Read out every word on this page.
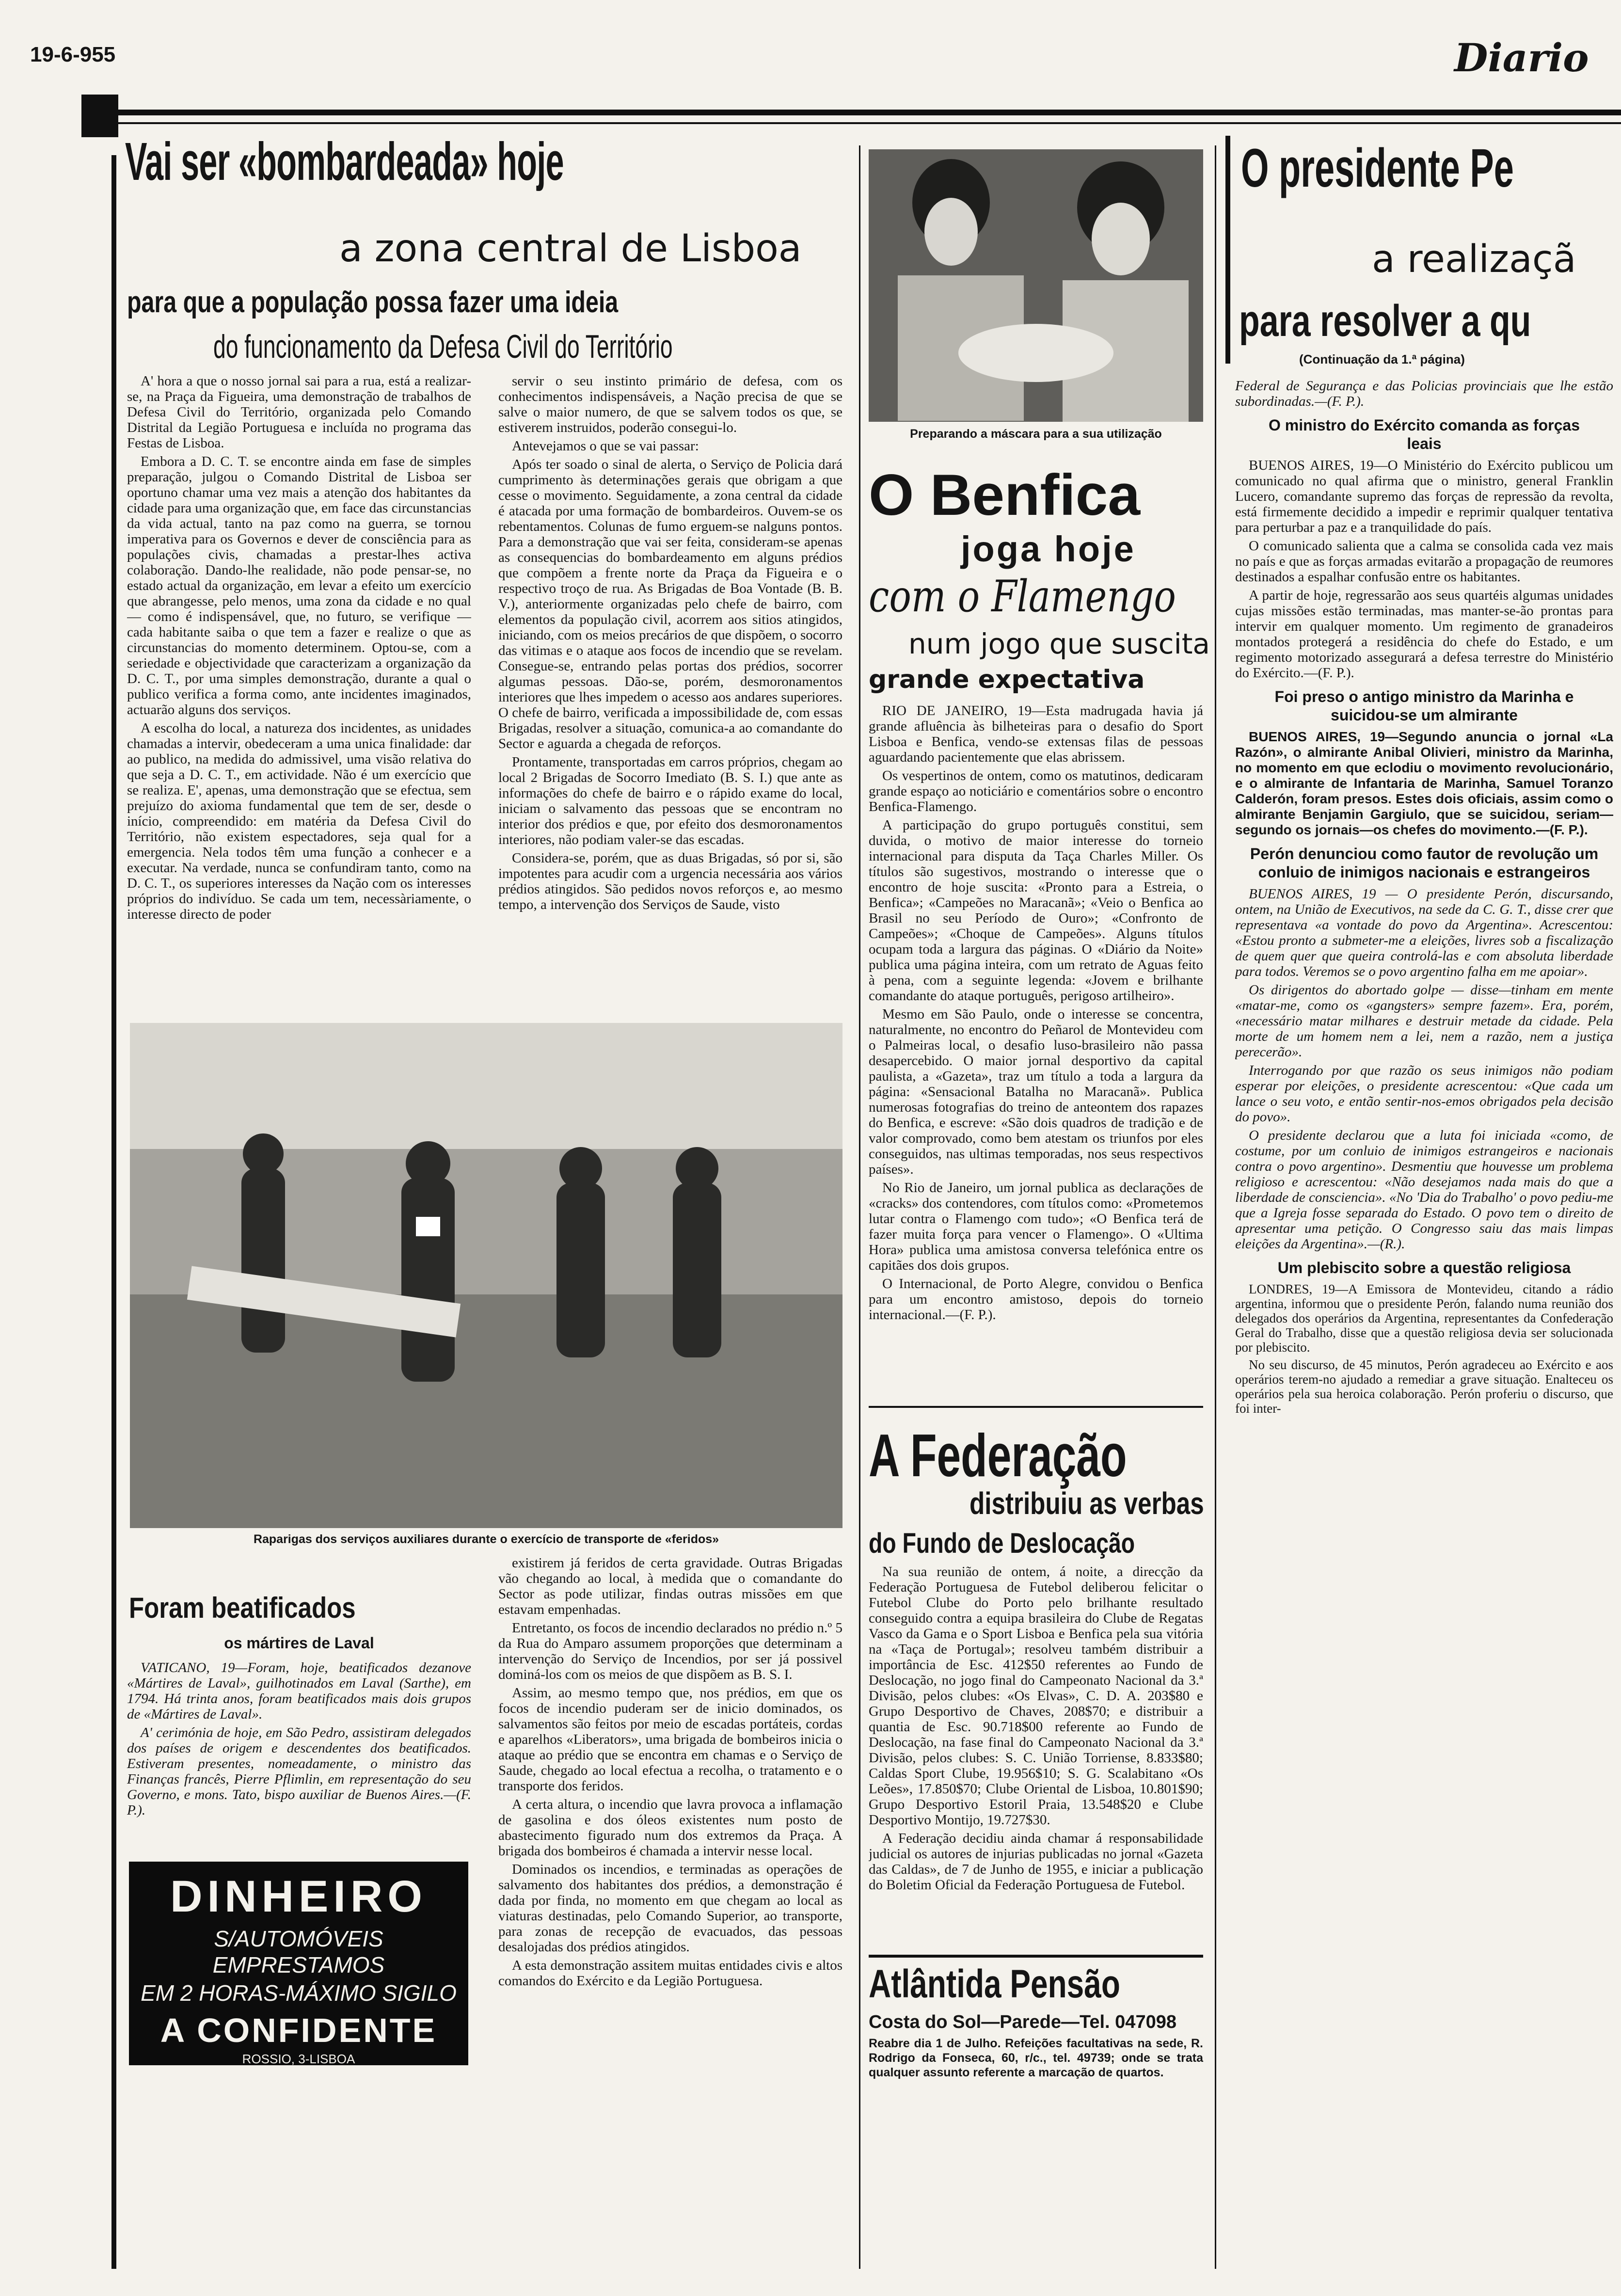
19-6-955	Diario
Vai ser «bombardeada» hoje
a zona central de Lisboa
para que a população possa fazer uma ideia
do funcionamento da Defesa Civil do Território

A' hora a que o nosso jornal sai para a rua, está a realizar-se, na Praça da Figueira, uma demonstração de trabalhos de Defesa Civil do Território, organizada pelo Comando Distrital da Legião Portuguesa e incluída no programa das Festas de Lisboa.

Embora a D. C. T. se encontre ainda em fase de simples preparação, julgou o Comando Distrital de Lisboa ser oportuno chamar uma vez mais a atenção dos habitantes da cidade para uma organização que, em face das circunstancias da vida actual, tanto na paz como na guerra, se tornou imperativa para os Governos e dever de consciência para as populações civis, chamadas a prestar-lhes activa colaboração. Dando-lhe realidade, não pode pensar-se, no estado actual da organização, em levar a efeito um exercício que abrangesse, pelo menos, uma zona da cidade e no qual — como é indispensável, que, no futuro, se verifique — cada habitante saiba o que tem a fazer e realize o que as circunstancias do momento determinem. Optou-se, com a seriedade e objectividade que caracterizam a organização da D. C. T., por uma simples demonstração, durante a qual o publico verifica a forma como, ante incidentes imaginados, actuarão alguns dos serviços.

A escolha do local, a natureza dos incidentes, as unidades chamadas a intervir, obedeceram a uma unica finalidade: dar ao publico, na medida do admissivel, uma visão relativa do que seja a D. C. T., em actividade. Não é um exercício que se realiza. E', apenas, uma demonstração que se efectua, sem prejuízo do axioma fundamental que tem de ser, desde o início, compreendido: em matéria da Defesa Civil do Território, não existem espectadores, seja qual for a emergencia. Nela todos têm uma função a conhecer e a executar. Na verdade, nunca se confundiram tanto, como na D. C. T., os superiores interesses da Nação com os interesses próprios do indivíduo. Se cada um tem, necessàriamente, o interesse directo de poder

servir o seu instinto primário de defesa, com os conhecimentos indispensáveis, a Nação precisa de que se salve o maior numero, de que se salvem todos os que, se estiverem instruidos, poderão consegui-lo.

Antevejamos o que se vai passar:

Após ter soado o sinal de alerta, o Serviço de Policia dará cumprimento às determinações gerais que obrigam a que cesse o movimento. Seguidamente, a zona central da cidade é atacada por uma formação de bombardeiros. Ouvem-se os rebentamentos. Colunas de fumo erguem-se nalguns pontos. Para a demonstração que vai ser feita, consideram-se apenas as consequencias do bombardeamento em alguns prédios que compõem a frente norte da Praça da Figueira e o respectivo troço de rua. As Brigadas de Boa Vontade (B. B. V.), anteriormente organizadas pelo chefe de bairro, com elementos da população civil, acorrem aos sitios atingidos, iniciando, com os meios precários de que dispõem, o socorro das vitimas e o ataque aos focos de incendio que se revelam. Consegue-se, entrando pelas portas dos prédios, socorrer algumas pessoas. Dão-se, porém, desmoronamentos interiores que lhes impedem o acesso aos andares superiores. O chefe de bairro, verificada a impossibilidade de, com essas Brigadas, resolver a situação, comunica-a ao comandante do Sector e aguarda a chegada de reforços.

Prontamente, transportadas em carros próprios, chegam ao local 2 Brigadas de Socorro Imediato (B. S. I.) que ante as informações do chefe de bairro e o rápido exame do local, iniciam o salvamento das pessoas que se encontram no interior dos prédios e que, por efeito dos desmoronamentos interiores, não podiam valer-se das escadas.

Considera-se, porém, que as duas Brigadas, só por si, são impotentes para acudir com a urgencia necessária aos vários prédios atingidos. São pedidos novos reforços e, ao mesmo tempo, a intervenção dos Serviços de Saude, visto

Raparigas dos serviços auxiliares durante o exercício de transporte de «feridos»

existirem já feridos de certa gravidade. Outras Brigadas vão chegando ao local, à medida que o comandante do Sector as pode utilizar, findas outras missões em que estavam empenhadas.

Entretanto, os focos de incendio declarados no prédio n.º 5 da Rua do Amparo assumem proporções que determinam a intervenção do Serviço de Incendios, por ser já possivel dominá-los com os meios de que dispõem as B. S. I.

Assim, ao mesmo tempo que, nos prédios, em que os focos de incendio puderam ser de inicio dominados, os salvamentos são feitos por meio de escadas portáteis, cordas e aparelhos «Liberators», uma brigada de bombeiros inicia o ataque ao prédio que se encontra em chamas e o Serviço de Saude, chegado ao local efectua a recolha, o tratamento e o transporte dos feridos.

A certa altura, o incendio que lavra provoca a inflamação de gasolina e dos óleos existentes num posto de abastecimento figurado num dos extremos da Praça. A brigada dos bombeiros é chamada a intervir nesse local.

Dominados os incendios, e terminadas as operações de salvamento dos habitantes dos prédios, a demonstração é dada por finda, no momento em que chegam ao local as viaturas destinadas, pelo Comando Superior, ao transporte, para zonas de recepção de evacuados, das pessoas desalojadas dos prédios atingidos.

A esta demonstração assitem muitas entidades civis e altos comandos do Exército e da Legião Portuguesa.

Foram beatificados
os mártires de Laval

VATICANO, 19—Foram, hoje, beatificados dezanove «Mártires de Laval», guilhotinados em Laval (Sarthe), em 1794. Há trinta anos, foram beatificados mais dois grupos de «Mártires de Laval».

A' cerimónia de hoje, em São Pedro, assistiram delegados dos países de origem e descendentes dos beatificados. Estiveram presentes, nomeadamente, o ministro das Finanças francês, Pierre Pflimlin, em representação do seu Governo, e mons. Tato, bispo auxiliar de Buenos Aires.—(F. P.).

DINHEIRO
S/AUTOMÓVEIS EMPRESTAMOS
EM 2 HORAS-MÁXIMO SIGILO
A CONFIDENTE
ROSSIO, 3-LISBOA
RUA SANTA CATARINA, 108-PORTO
Preparando a máscara para a sua utilização
O Benfica
joga hoje
com o Flamengo
num jogo que suscita
grande expectativa

RIO DE JANEIRO, 19—Esta madrugada havia já grande afluência às bilheteiras para o desafio do Sport Lisboa e Benfica, vendo-se extensas filas de pessoas aguardando pacientemente que elas abrissem.

Os vespertinos de ontem, como os matutinos, dedicaram grande espaço ao noticiário e comentários sobre o encontro Benfica-Flamengo.

A participação do grupo português constitui, sem duvida, o motivo de maior interesse do torneio internacional para disputa da Taça Charles Miller. Os títulos são sugestivos, mostrando o interesse que o encontro de hoje suscita: «Pronto para a Estreia, o Benfica»; «Campeões no Maracanã»; «Veio o Benfica ao Brasil no seu Período de Ouro»; «Confronto de Campeões»; «Choque de Campeões». Alguns títulos ocupam toda a largura das páginas. O «Diário da Noite» publica uma página inteira, com um retrato de Aguas feito à pena, com a seguinte legenda: «Jovem e brilhante comandante do ataque português, perigoso artilheiro».

Mesmo em São Paulo, onde o interesse se concentra, naturalmente, no encontro do Peñarol de Montevideu com o Palmeiras local, o desafio luso-brasileiro não passa desapercebido. O maior jornal desportivo da capital paulista, a «Gazeta», traz um título a toda a largura da página: «Sensacional Batalha no Maracanã». Publica numerosas fotografias do treino de anteontem dos rapazes do Benfica, e escreve: «São dois quadros de tradição e de valor comprovado, como bem atestam os triunfos por eles conseguidos, nas ultimas temporadas, nos seus respectivos países».

No Rio de Janeiro, um jornal publica as declarações de «cracks» dos contendores, com títulos como: «Prometemos lutar contra o Flamengo com tudo»; «O Benfica terá de fazer muita força para vencer o Flamengo». O «Ultima Hora» publica uma amistosa conversa telefónica entre os capitães dos dois grupos.

O Internacional, de Porto Alegre, convidou o Benfica para um encontro amistoso, depois do torneio internacional.—(F. P.).

A Federação
distribuiu as verbas
do Fundo de Deslocação

Na sua reunião de ontem, á noite, a direcção da Federação Portuguesa de Futebol deliberou felicitar o Futebol Clube do Porto pelo brilhante resultado conseguido contra a equipa brasileira do Clube de Regatas Vasco da Gama e o Sport Lisboa e Benfica pela sua vitória na «Taça de Portugal»; resolveu também distribuir a importância de Esc. 412$50 referentes ao Fundo de Deslocação, no jogo final do Campeonato Nacional da 3.ª Divisão, pelos clubes: «Os Elvas», C. D. A. 203$80 e Grupo Desportivo de Chaves, 208$70; e distribuir a quantia de Esc. 90.718$00 referente ao Fundo de Deslocação, na fase final do Campeonato Nacional da 3.ª Divisão, pelos clubes: S. C. União Torriense, 8.833$80; Caldas Sport Clube, 19.956$10; S. G. Scalabitano «Os Leões», 17.850$70; Clube Oriental de Lisboa, 10.801$90; Grupo Desportivo Estoril Praia, 13.548$20 e Clube Desportivo Montijo, 19.727$30.

A Federação decidiu ainda chamar á responsabilidade judicial os autores de injurias publicadas no jornal «Gazeta das Caldas», de 7 de Junho de 1955, e iniciar a publicação do Boletim Oficial da Federação Portuguesa de Futebol.

Atlântida Pensão
Costa do Sol—Parede—Tel. 047098
Reabre dia 1 de Julho. Refeições facultativas na sede, R. Rodrigo da Fonseca, 60, r/c., tel. 49739; onde se trata qualquer assunto referente a marcação de quartos.
O presidente Pe
a realizaçã
para resolver a qu
(Continuação da 1.ª página)

Federal de Segurança e das Policias provinciais que lhe estão subordinadas.—(F. P.).

O ministro do Exército comanda as forças leais

BUENOS AIRES, 19—O Ministério do Exército publicou um comunicado no qual afirma que o ministro, general Franklin Lucero, comandante supremo das forças de repressão da revolta, está firmemente decidido a impedir e reprimir qualquer tentativa para perturbar a paz e a tranquilidade do país.

O comunicado salienta que a calma se consolida cada vez mais no país e que as forças armadas evitarão a propagação de reumores destinados a espalhar confusão entre os habitantes.

A partir de hoje, regressarão aos seus quartéis algumas unidades cujas missões estão terminadas, mas manter-se-ão prontas para intervir em qualquer momento. Um regimento de granadeiros montados protegerá a residência do chefe do Estado, e um regimento motorizado assegurará a defesa terrestre do Ministério do Exército.—(F. P.).

Foi preso o antigo ministro da Marinha e suicidou-se um almirante

BUENOS AIRES, 19—Segundo anuncia o jornal «La Razón», o almirante Anibal Olivieri, ministro da Marinha, no momento em que eclodiu o movimento revolucionário, e o almirante de Infantaria de Marinha, Samuel Toranzo Calderón, foram presos. Estes dois oficiais, assim como o almirante Benjamin Gargiulo, que se suicidou, seriam—segundo os jornais—os chefes do movimento.—(F. P.).

Perón denunciou como fautor de revolução um conluio de inimigos nacionais e estrangeiros

BUENOS AIRES, 19 — O presidente Perón, discursando, ontem, na União de Executivos, na sede da C. G. T., disse crer que representava «a vontade do povo da Argentina». Acrescentou: «Estou pronto a submeter-me a eleições, livres sob a fiscalização de quem quer que queira controlá-las e com absoluta liberdade para todos. Veremos se o povo argentino falha em me apoiar».

Os dirigentos do abortado golpe — disse—tinham em mente «matar-me, como os «gangsters» sempre fazem». Era, porém, «necessário matar milhares e destruir metade da cidade. Pela morte de um homem nem a lei, nem a razão, nem a justiça perecerão».

Interrogando por que razão os seus inimigos não podiam esperar por eleições, o presidente acrescentou: «Que cada um lance o seu voto, e então sentir-nos-emos obrigados pela decisão do povo».

O presidente declarou que a luta foi iniciada «como, de costume, por um conluio de inimigos estrangeiros e nacionais contra o povo argentino». Desmentiu que houvesse um problema religioso e acrescentou: «Não desejamos nada mais do que a liberdade de consciencia». «No 'Dia do Trabalho' o povo pediu-me que a Igreja fosse separada do Estado. O povo tem o direito de apresentar uma petição. O Congresso saiu das mais limpas eleições da Argentina».—(R.).

Um plebiscito sobre a questão religiosa

LONDRES, 19—A Emissora de Montevideu, citando a rádio argentina, informou que o presidente Perón, falando numa reunião dos delegados dos operários da Argentina, representantes da Confederação Geral do Trabalho, disse que a questão religiosa devia ser solucionada por plebiscito.

No seu discurso, de 45 minutos, Perón agradeceu ao Exército e aos operários terem-no ajudado a remediar a grave situação. Enalteceu os operários pela sua heroica colaboração. Perón proferiu o discurso, que foi inter-
